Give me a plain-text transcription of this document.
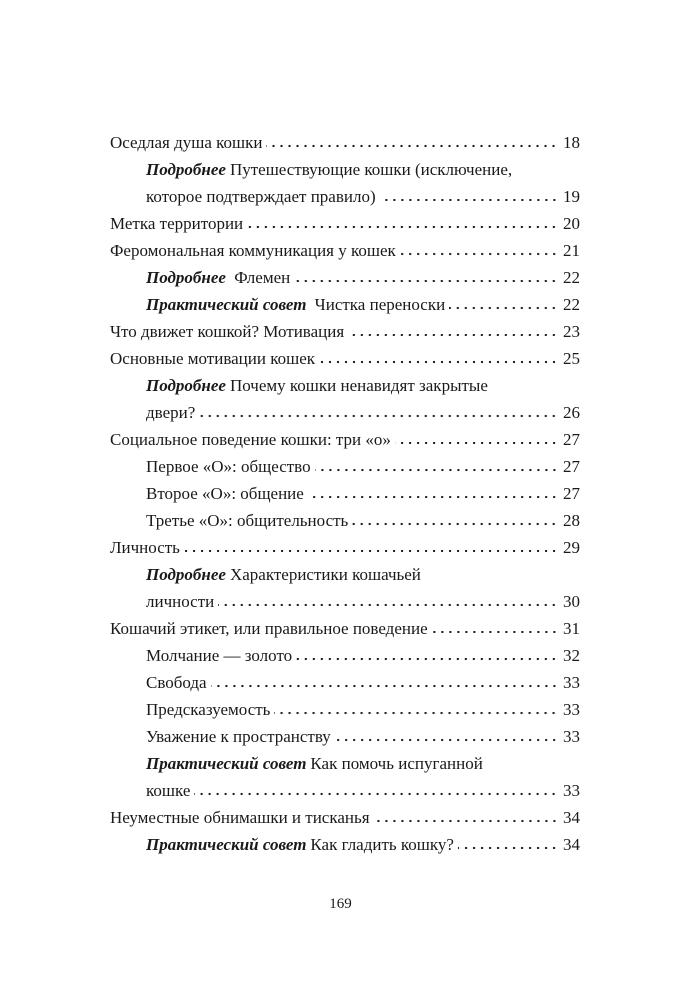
Оседлая душа кошки	18
Подробнее Путешествующие кошки (исключение,
которое подтверждает правило)	19
Метка территории	20
Феромональная коммуникация у кошек	21
Подробнее Флемен	22
Практический совет Чистка переноски	22
Что движет кошкой? Мотивация	23
Основные мотивации кошек	25
Подробнее Почему кошки ненавидят закрытые
двери?	26
Социальное поведение кошки: три «о»	27
Первое «О»: общество	27
Второе «О»: общение	27
Третье «О»: общительность	28
Личность	29
Подробнее Характеристики кошачьей
личности	30
Кошачий этикет, или правильное поведение	31
Молчание — золото	32
Свобода	33
Предсказуемость	33
Уважение к пространству	33
Практический совет Как помочь испуганной
кошке	33
Неуместные обнимашки и тисканья	34
Практический совет Как гладить кошку?	34
169
